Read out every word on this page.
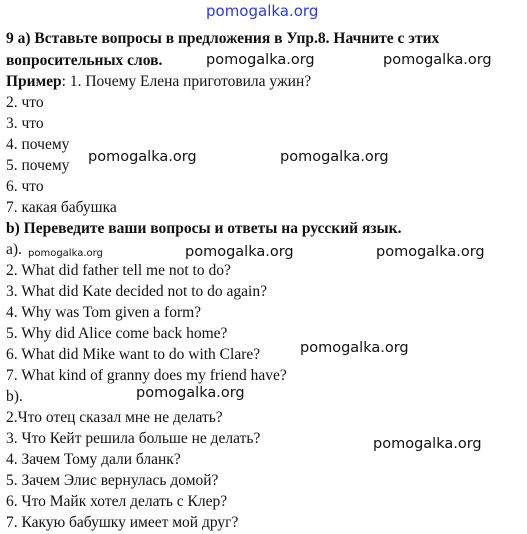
pomogalka.org
9 a) Вставьте вопросы в предложения в Упр.8. Начните с этих
вопросительных слов.
Пример: 1. Почему Елена приготовила ужин?
2. что
3. что
4. почему
5. почему
6. что
7. какая бабушка
b) Переведите ваши вопросы и ответы на русский язык.
а).
2. What did father tell me not to do?
3. What did Kate decided not to do again?
4. Why was Tom given a form?
5. Why did Alice come back home?
6. What did Mike want to do with Clare?
7. What kind of granny does my friend have?
b).
2.Что отец сказал мне не делать?
3. Что Кейт решила больше не делать?
4. Зачем Тому дали бланк?
5. Зачем Элис вернулась домой?
6. Что Майк хотел делать с Клер?
7. Какую бабушку имеет мой друг?
pomogalka.org	pomogalka.org
pomogalka.org	pomogalka.org
pomogalka.org	pomogalka.org	pomogalka.org
pomogalka.org
pomogalka.org
pomogalka.org
